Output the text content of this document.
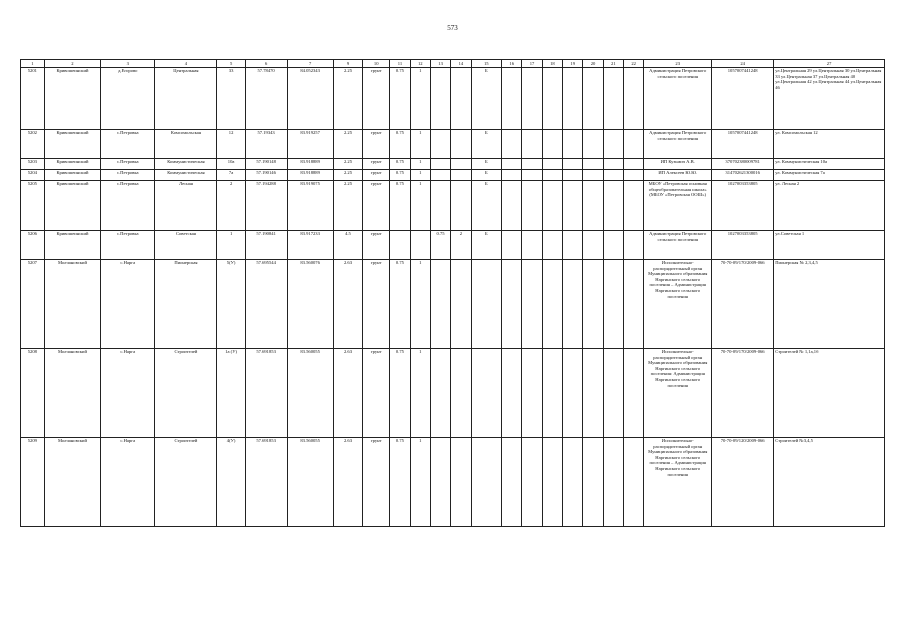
573
1	2	3	4	5	6	7	9	10	11	12	13	14	15	16	17	18	19	20	21	22	23	24	27
5201	Кривошеинский	д.Егорово	Центральная	33	57.78470	84.052343	2.25	грунт	0.75	1			Б								Администрация Петровского сельского поселения	1057007441248	ул.Центральная 29 ул.Центральная 30 ул.Центральная 33 ул.Центральная 37 ул.Центральная 40 ул.Центральная 42 ул.Центральная 44 ул.Центральная 46
5202	Кривошеинский	с.Петровка	Комсомольская	12	57.19343	83.919257	2.25	грунт	0.75	1			Б								Администрация Петровского сельского поселения	1057007441248	ул. Комсомольская 12
5203	Кривошеинский	с.Петровка	Коммунистическая	10а	57.190148	83.918889	2.25	грунт	0.75	1			Б								ИП Кузьмич А.В.	370702380009781	ул. Коммунистическая 10а
5204	Кривошеинский	с.Петровка	Коммунистическая	7а	57.190146	83.918889	2.25	грунт	0.75	1			Б								ИП Алексеев Ю.Ю.	314702621300016	ул. Коммунистическая 7а
5205	Кривошеинский	с.Петровка	Лесная	2	57.194288	83.919075	2.25	грунт	0.75	1			Б								МБОУ «Петровская основная общеобразовательная школа» (МБОУ «Петровская ООШ»)	1027003353805	ул. Лесная 2
5206	Кривошеинский	с.Петровка	Советская	1	57.190841	83.917233	4.5	грунт			0.75	2	Б								Администрация Петровского сельского поселения	1027003353805	ул.Советская 1
5207	Молчановский	с.Нарга	Пионерская	5(У)	57.695544	83.560076	2.63	грунт	0.75	1											Исполнительно-распорядительный орган Муниципального образования Наргинского сельского поселения – Администрация Наргинского сельского поселения	70-70-09/170/2009-066	Пионерская № 2,3,4,5
5208	Молчановский	с.Нарга	Строителей	1а (У)	57.691853	83.560055	2.63	грунт	0.75	1											Исполнительно-распорядительный орган Муниципального образования Наргинского сельского поселения: Администрация Наргинского сельского поселения	70-70-09/170/2009-066	Строителей № 1,1а,1б
5209	Молчановский	с.Нарга	Строителей	4(У)	57.691853	83.560055	2.63	грунт	0.75	1											Исполнительно-распорядительный орган Муниципального образования Наргинского сельского поселения – Администрация Наргинского сельского поселения	70-70-09/120/2009-066	Строителей №3,4,5
